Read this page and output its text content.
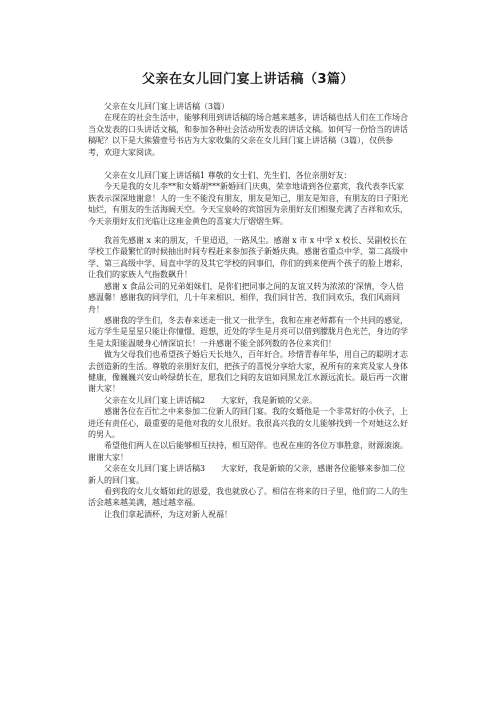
父亲在女儿回门宴上讲话稿（3篇）

父亲在女儿回门宴上讲话稿（3篇）

在现在的社会生活中，能够利用到讲话稿的场合越来越多，讲话稿也括人们在工作场合当众发表的口头讲话文稿，和参加各种社会活动所发表的讲话文稿。如何写一份恰当的讲话稿呢？以下是大熊猫壹号书店为大家收集的父亲在女儿回门宴上讲话稿（3篇），仅供参考，欢迎大家阅读。

父亲在女儿回门宴上讲话稿1 尊敬的女士们、先生们、各位亲朋好友：

今天是我的女儿李**和女婿胡***新婚回门庆典，荣幸地请到各位嘉宾，我代表李氏家族表示深深地谢意！人的一生不能没有朋友，朋友是知己，朋友是知音，有朋友的日子阳光灿烂，有朋友的生活海阔天空。今天宝泉岭的宾馆因为亲朋好友们相聚充满了吉祥和欢乐，今天亲朋好友们光临让这座金黄色的喜宴大厅熠熠生辉。

我首先感谢 x 来的朋友，千里迢迢，一路风尘。感谢 x 市 x 中学 x 校长、吴副校长在学校工作最繁忙的时候抽出时间专程赶来参加孩子新婚庆典。感谢省重点中学、第二高级中学、第三高级中学、局直中学的及其它学校的同事们，你们的到来使两个孩子的脸上增彩，让我们的家族人气指数飙升！

感谢 x 食品公司的兄弟姐妹们，是你们把同事之间的友谊又转为浓浓的'深情，令人倍感温馨！感谢我的同学们，几十年来相识、相伴，我们同甘苦、我们同欢乐，我们风雨同舟！

感谢我的学生们，冬去春来送走一批又一批学生，我和在座老师都有一个共同的感觉，远方学生是星星只能让你憧憬、遐想，近处的学生是月亮可以借到朦胧月色光芒，身边的学生是太阳能温暖身心情深谊长！一并感谢不能全部列数的各位来宾们！

做为父母我们也希望孩子婚后天长地久，百年好合。珍惜青春年华，用自己的聪明才志去创造新的生活。尊敬的亲朋好友们，把孩子的喜悦分享给大家，祝所有的来宾及家人身体健康，像巍巍兴安山岭绿荫长在，愿我们之间的友谊如同黑龙江水源远流长。最后再一次谢谢大家！

父亲在女儿回门宴上讲话稿2　　大家好，我是新娘的父亲。

感谢各位在百忙之中来参加二位新人的回门宴。我的女婿他是一个非常好的小伙子，上进还有责任心，最重要的是他对我的女儿很好。我很高兴我的女儿能够找到一个对她这么好的男人。

希望他们两人在以后能够相互扶持，相互陪伴。也祝在座的各位万事胜意，财源滚滚。谢谢大家！

父亲在女儿回门宴上讲话稿3　　大家好，我是新娘的父亲，感谢各位能够来参加二位新人的回门宴。

看到我的女儿女婿如此的恩爱，我也就放心了。相信在将来的日子里，他们的二人的生活会越来越美满，越过越幸福。

让我们拿起酒杯，为这对新人祝福！
